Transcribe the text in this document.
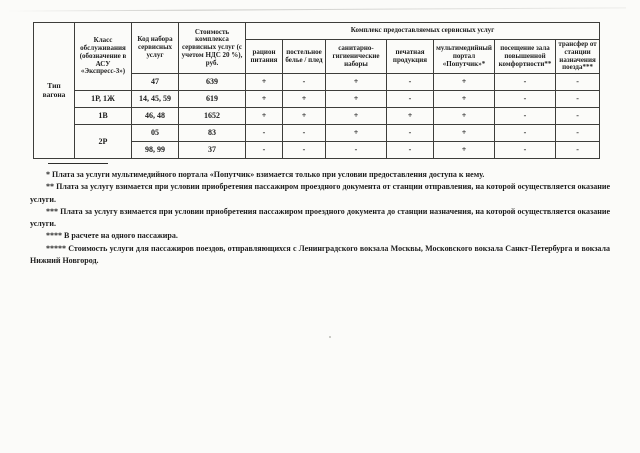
Тип вагона	Класс обслуживания (обозначение в АСУ «Экспресс-3»)	Код набора сервисных услуг	Стоимость комплекса сервисных услуг (с учетом НДС 20 %), руб.	Комплекс предоставляемых сервисных услуг						
				рацион питания	постельное белье / плед	санитарно-гигиенические наборы	печатная продукция	мультимедийный портал «Попутчик»*	посещение зала повышенной комфортности**	трансфер от станции назначения поезда***
		47	639	+	-	+	-	+	-	-
	1Р, 1Ж	14, 45, 59	619	+	+	+	-	+	-	-
	1В	46, 48	1652	+	+	+	+	+	-	-
	2Р	05	83	-	-	+	-	+	-	-
		98, 99	37	-	-	-	-	+	-	-

* Плата за услуги мультимедийного портала «Попутчик» взимается только при условии предоставления доступа к нему.

** Плата за услугу взимается при условии приобретения пассажиром проездного документа от станции отправления, на которой осуществляется оказание услуги.

*** Плата за услугу взимается при условии приобретения пассажиром проездного документа до станции назначения, на которой осуществляется оказание услуги.

**** В расчете на одного пассажира.

***** Стоимость услуги для пассажиров поездов, отправляющихся с Ленинградского вокзала Москвы, Московского вокзала Санкт-Петербурга и вокзала Нижний Новгород.
